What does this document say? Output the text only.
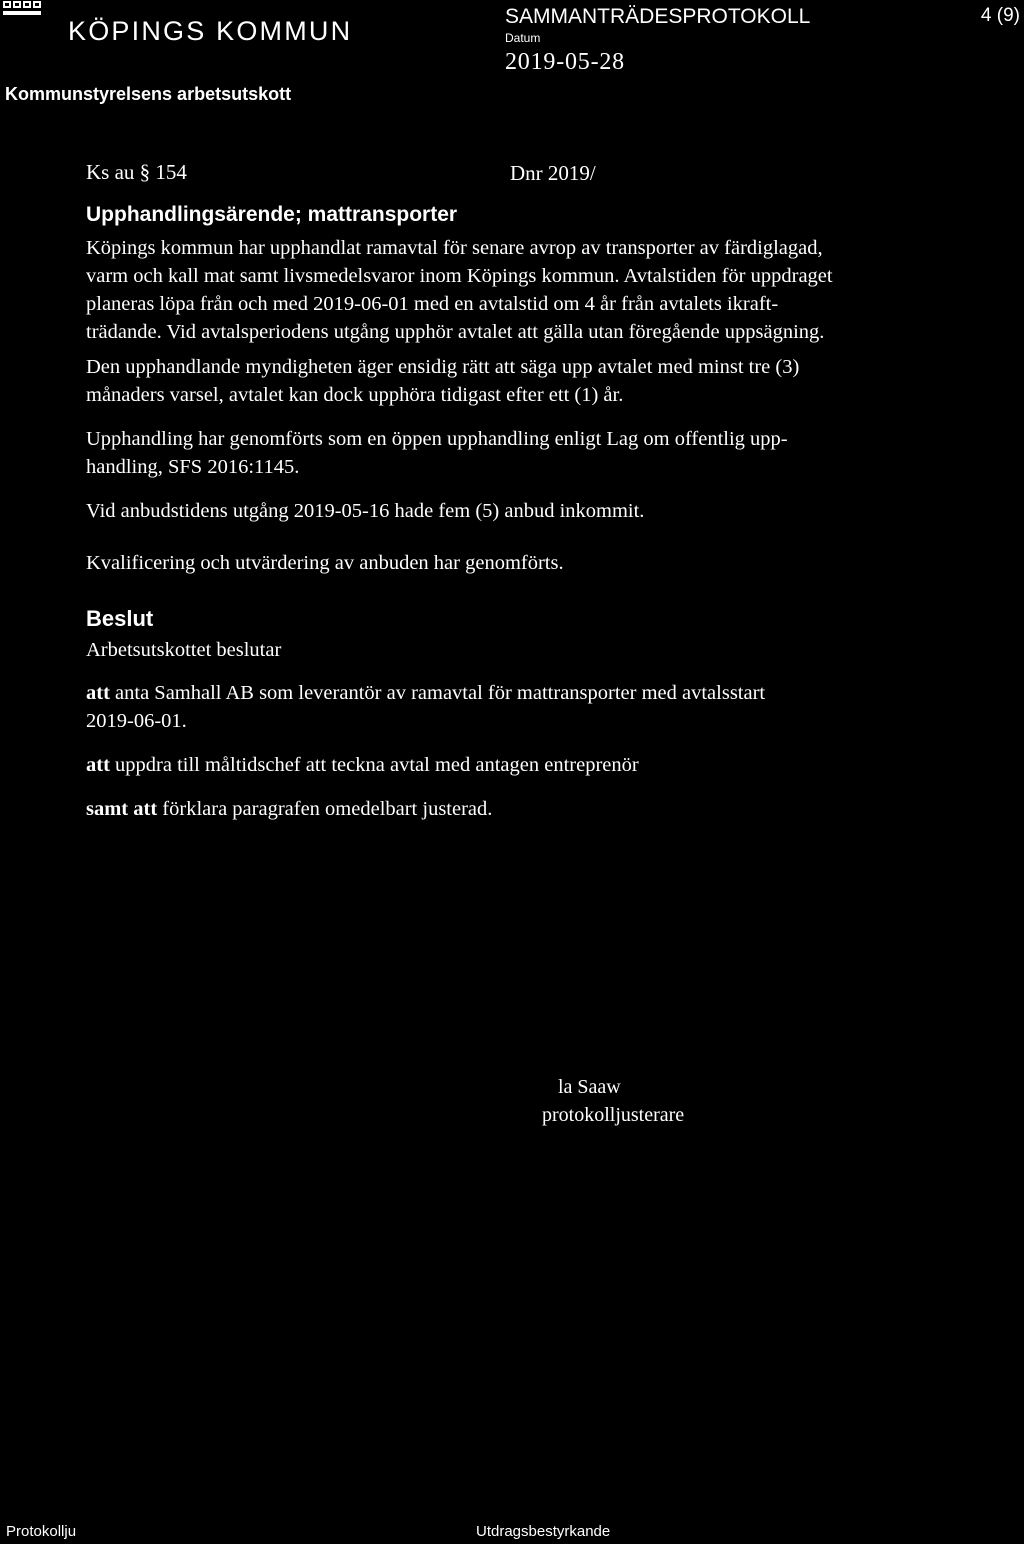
KÖPINGS KOMMUN
Kommunstyrelsens arbetsutskott
SAMMANTRÄDESPROTOKOLL	4 (9)
Datum
2019-05-28
Ks au § 154	Dnr 2019/
Upphandlingsärende; mattransporter
Köpings kommun har upphandlat ramavtal för senare avrop av transporter av färdiglagad,
varm och kall mat samt livsmedelsvaror inom Köpings kommun. Avtalstiden för uppdraget
planeras löpa från och med 2019-06-01 med en avtalstid om 4 år från avtalets ikraft-
trädande. Vid avtalsperiodens utgång upphör avtalet att gälla utan föregående uppsägning.
Den upphandlande myndigheten äger ensidig rätt att säga upp avtalet med minst tre (3)
månaders varsel, avtalet kan dock upphöra tidigast efter ett (1) år.
Upphandling har genomförts som en öppen upphandling enligt Lag om offentlig upp-
handling, SFS 2016:1145.
Vid anbudstidens utgång 2019-05-16 hade fem (5) anbud inkommit.
Kvalificering och utvärdering av anbuden har genomförts.
Beslut
Arbetsutskottet beslutar
att anta Samhall AB som leverantör av ramavtal för mattransporter med avtalsstart
2019-06-01.
att uppdra till måltidschef att teckna avtal med antagen entreprenör
samt att förklara paragrafen omedelbart justerad.
la Saaw
protokolljusterare
Protokollju	Utdragsbestyrkande
